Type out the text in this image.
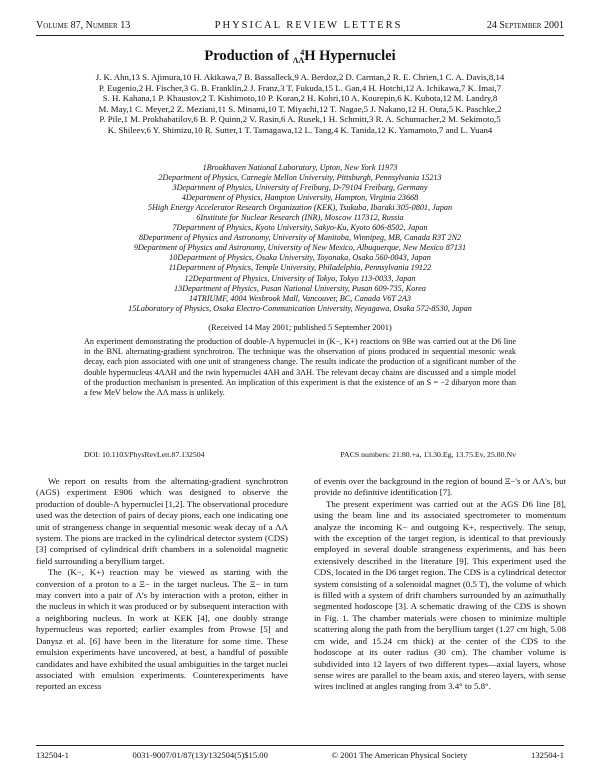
Volume 87, Number 13	PHYSICAL REVIEW LETTERS	24 September 2001
Production of	4
ΛΛ H Hypernuclei
J. K. Ahn,13 S. Ajimura,10 H. Akikawa,7 B. Bassalleck,9 A. Berdoz,2 D. Carman,2 R. E. Chrien,1 C. A. Davis,8,14
P. Eugenio,2 H. Fischer,3 G. B. Franklin,2 J. Franz,3 T. Fukuda,15 L. Gan,4 H. Hotchi,12 A. Ichikawa,7 K. Imai,7
S. H. Kahana,1 P. Khaustov,2 T. Kishimoto,10 P. Koran,2 H. Kohri,10 A. Kourepin,6 K. Kubota,12 M. Landry,8
M. May,1 C. Meyer,2 Z. Meziani,11 S. Minami,10 T. Miyachi,12 T. Nagae,5 J. Nakano,12 H. Outa,5 K. Paschke,2
P. Pile,1 M. Prokhabatilov,6 B. P. Quinn,2 V. Rasin,6 A. Rusek,1 H. Schmitt,3 R. A. Schumacher,2 M. Sekimoto,5
K. Shileev,6 Y. Shimizu,10 R. Sutter,1 T. Tamagawa,12 L. Tang,4 K. Tanida,12 K. Yamamoto,7 and L. Yuan4
1Brookhaven National Laboratory, Upton, New York 11973
2Department of Physics, Carnegie Mellon University, Pittsburgh, Pennsylvania 15213
3Department of Physics, University of Freiburg, D-79104 Freiburg, Germany
4Department of Physics, Hampton University, Hampton, Virginia 23668
5High Energy Accelerator Research Organization (KEK), Tsukuba, Ibaraki 305-0801, Japan
6Institute for Nuclear Research (INR), Moscow 117312, Russia
7Department of Physics, Kyoto University, Sakyo-Ku, Kyoto 606-8502, Japan
8Department of Physics and Astronomy, University of Manitoba, Winnipeg, MB, Canada R3T 2N2
9Department of Physics and Astronomy, University of New Mexico, Albuquerque, New Mexico 87131
10Department of Physics, Osaka University, Toyonaka, Osaka 560-0043, Japan
11Department of Physics, Temple University, Philadelphia, Pennsylvania 19122
12Department of Physics, University of Tokyo, Tokyo 113-0033, Japan
13Department of Physics, Pusan National University, Pusan 609-735, Korea
14TRIUMF, 4004 Wesbrook Mall, Vancouver, BC, Canada V6T 2A3
15Laboratory of Physics, Osaka Electro-Communication University, Neyagawa, Osaka 572-8530, Japan
(Received 14 May 2001; published 5 September 2001)
An experiment demonstrating the production of double-Λ hypernuclei in (K−, K+) reactions on 9Be was carried out at the D6 line in the BNL alternating-gradient synchrotron. The technique was the observation of pions produced in sequential mesonic weak decay, each pion associated with one unit of strangeness change. The results indicate the production of a significant number of the double hypernucleus 4ΛΛH and the twin hypernuclei 4ΛH and 3ΛH. The relevant decay chains are discussed and a simple model of the production mechanism is presented. An implication of this experiment is that the existence of an S = −2 dibaryon more than a few MeV below the ΛΛ mass is unlikely.
DOI: 10.1103/PhysRevLett.87.132504	PACS numbers: 21.80.+a, 13.30.Eg, 13.75.Ev, 25.80.Nv

We report on results from the alternating-gradient synchrotron (AGS) experiment E906 which was designed to observe the production of double-Λ hypernuclei [1,2]. The observational procedure used was the detection of pairs of decay pions, each one indicating one unit of strangeness change in sequential mesonic weak decay of a ΛΛ system. The pions are tracked in the cylindrical detector system (CDS) [3] comprised of cylindrical drift chambers in a solenoidal magnetic field surrounding a beryllium target.

The (K−, K+) reaction may be viewed as starting with the conversion of a proton to a Ξ− in the target nucleus. The Ξ− in turn may convert into a pair of Λ's by interaction with a proton, either in the nucleus in which it was produced or by subsequent interaction with a neighboring nucleus. In work at KEK [4], one doubly strange hypernucleus was reported; earlier examples from Prowse [5] and Danysz et al. [6] have been in the literature for some time. These emulsion experiments have uncovered, at best, a handful of possible candidates and have exhibited the usual ambiguities in the target nuclei associated with emulsion experiments. Counterexperiments have reported an excess

of events over the background in the region of bound Ξ−'s or ΛΛ's, but provide no definitive identification [7].

The present experiment was carried out at the AGS D6 line [8], using the beam line and its associated spectrometer to momentum analyze the incoming K− and outgoing K+, respectively. The setup, with the exception of the target region, is identical to that previously employed in several double strangeness experiments, and has been extensively described in the literature [9]. This experiment used the CDS, located in the D6 target region. The CDS is a cylindrical detector system consisting of a solenoidal magnet (0.5 T), the volume of which is filled with a system of drift chambers surrounded by an azimuthally segmented hodoscope [3]. A schematic drawing of the CDS is shown in Fig. 1. The chamber materials were chosen to minimize multiple scattering along the path from the beryllium target (1.27 cm high, 5.08 cm wide, and 15.24 cm thick) at the center of the CDS to the hodoscope at its outer radius (30 cm). The chamber volume is subdivided into 12 layers of two different types—axial layers, whose sense wires are parallel to the beam axis, and stereo layers, with sense wires inclined at angles ranging from 3.4° to 5.8°.

132504-1	0031-9007/01/87(13)/132504(5)$15.00	© 2001 The American Physical Society	132504-1
